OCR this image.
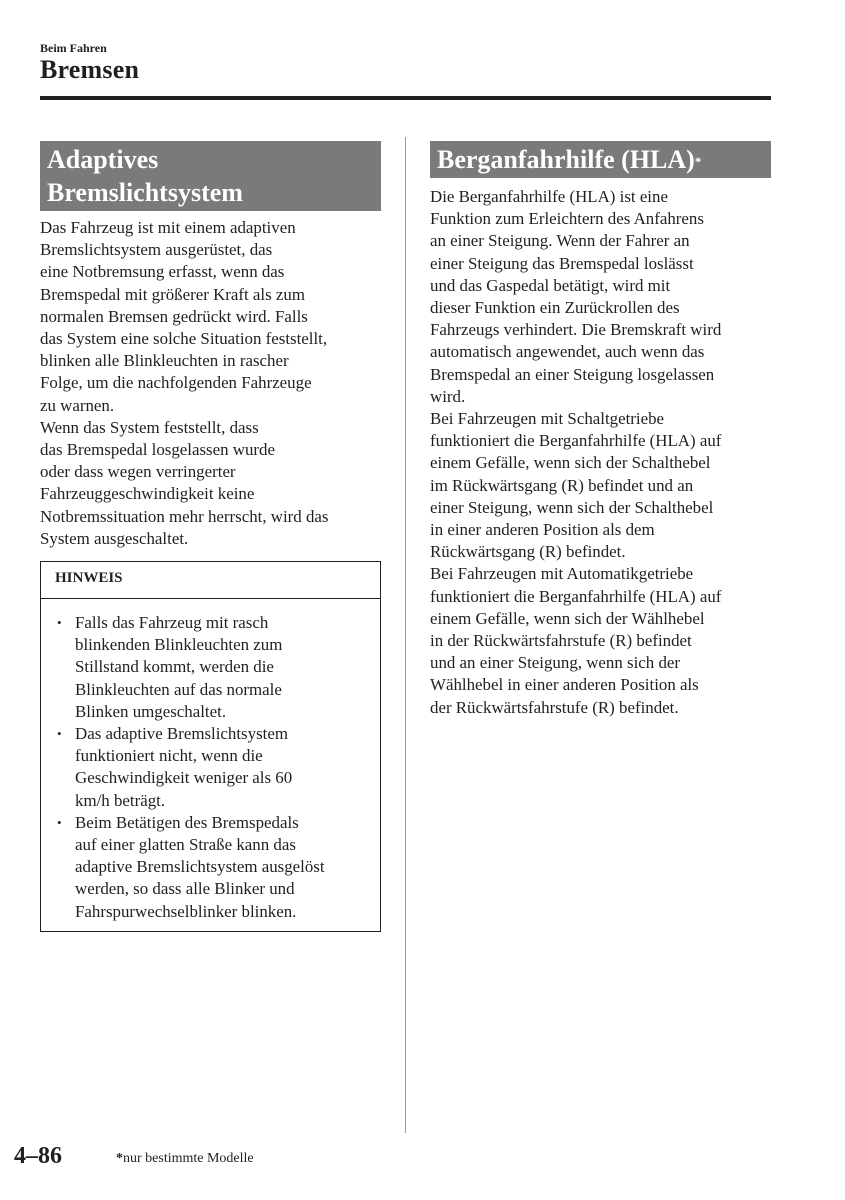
Beim Fahren
Bremsen
Adaptives
Bremslichtsystem
Das Fahrzeug ist mit einem adaptiven
Bremslichtsystem ausgerüstet, das
eine Notbremsung erfasst, wenn das
Bremspedal mit größerer Kraft als zum
normalen Bremsen gedrückt wird. Falls
das System eine solche Situation feststellt,
blinken alle Blinkleuchten in rascher
Folge, um die nachfolgenden Fahrzeuge
zu warnen.
Wenn das System feststellt, dass
das Bremspedal losgelassen wurde
oder dass wegen verringerter
Fahrzeuggeschwindigkeit keine
Notbremssituation mehr herrscht, wird das
System ausgeschaltet.
HINWEIS
• Falls das Fahrzeug mit rasch
blinkenden Blinkleuchten zum
Stillstand kommt, werden die
Blinkleuchten auf das normale
Blinken umgeschaltet.
• Das adaptive Bremslichtsystem
funktioniert nicht, wenn die
Geschwindigkeit weniger als 60
km/h beträgt.
• Beim Betätigen des Bremspedals
auf einer glatten Straße kann das
adaptive Bremslichtsystem ausgelöst
werden, so dass alle Blinker und
Fahrspurwechselblinker blinken.
Berganfahrhilfe (HLA)*
Die Berganfahrhilfe (HLA) ist eine
Funktion zum Erleichtern des Anfahrens
an einer Steigung. Wenn der Fahrer an
einer Steigung das Bremspedal loslässt
und das Gaspedal betätigt, wird mit
dieser Funktion ein Zurückrollen des
Fahrzeugs verhindert. Die Bremskraft wird
automatisch angewendet, auch wenn das
Bremspedal an einer Steigung losgelassen
wird.
Bei Fahrzeugen mit Schaltgetriebe
funktioniert die Berganfahrhilfe (HLA) auf
einem Gefälle, wenn sich der Schalthebel
im Rückwärtsgang (R) befindet und an
einer Steigung, wenn sich der Schalthebel
in einer anderen Position als dem
Rückwärtsgang (R) befindet.
Bei Fahrzeugen mit Automatikgetriebe
funktioniert die Berganfahrhilfe (HLA) auf
einem Gefälle, wenn sich der Wählhebel
in der Rückwärtsfahrstufe (R) befindet
und an einer Steigung, wenn sich der
Wählhebel in einer anderen Position als
der Rückwärtsfahrstufe (R) befindet.
4–86	*nur bestimmte Modelle
